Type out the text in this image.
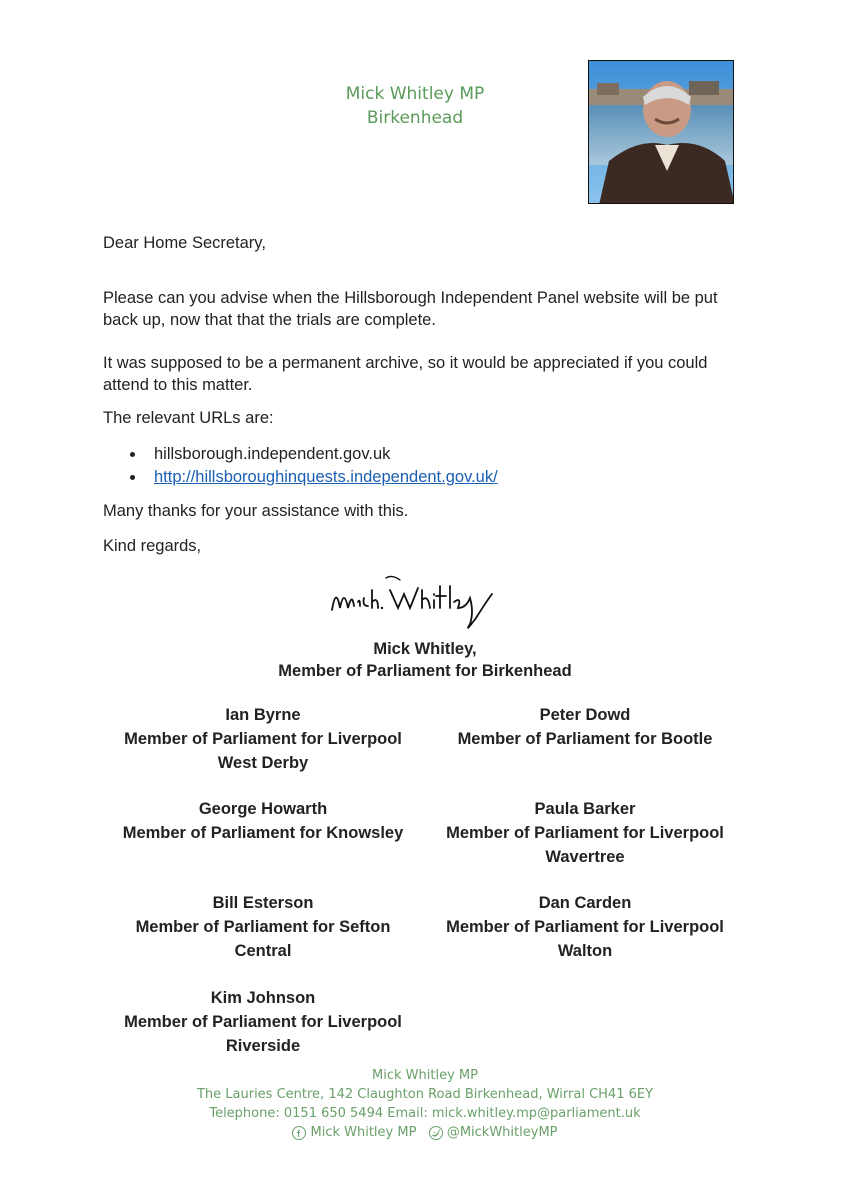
Mick Whitley MP
Birkenhead
Dear Home Secretary,
Please can you advise when the Hillsborough Independent Panel website will be put back up, now that that the trials are complete.
It was supposed to be a permanent archive, so it would be appreciated if you could attend to this matter.
The relevant URLs are:
hillsborough.independent.gov.uk
http://hillsboroughinquests.independent.gov.uk/
Many thanks for your assistance with this.
Kind regards,
Mick Whitley,
Member of Parliament for Birkenhead
Ian Byrne
Member of Parliament for Liverpool
West Derby
Peter Dowd
Member of Parliament for Bootle
George Howarth
Member of Parliament for Knowsley
Paula Barker
Member of Parliament for Liverpool
Wavertree
Bill Esterson
Member of Parliament for Sefton
Central
Dan Carden
Member of Parliament for Liverpool
Walton
Kim Johnson
Member of Parliament for Liverpool
Riverside
Mick Whitley MP
The Lauries Centre, 142 Claughton Road Birkenhead, Wirral CH41 6EY
Telephone: 0151 650 5494 Email: mick.whitley.mp@parliament.uk
Mick Whitley MP
@MickWhitleyMP
